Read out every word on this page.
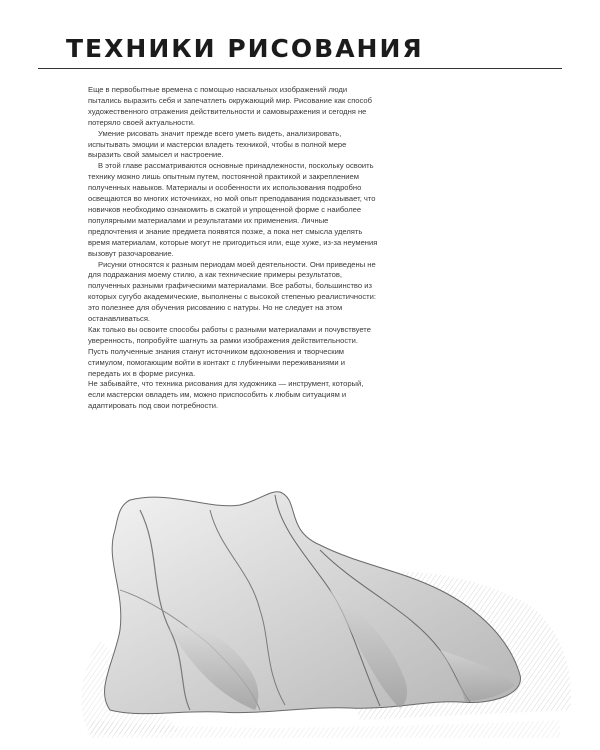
ТЕХНИКИ РИСОВАНИЯ

Еще в первобытные времена с помощью наскальных изображений люди пытались выразить себя и запечатлеть окружающий мир. Рисование как способ художественного отражения действительности и самовыражения и сегодня не потеряло своей актуальности.

Умение рисовать значит прежде всего уметь видеть, анализировать, испытывать эмоции и мастерски владеть техникой, чтобы в полной мере выразить свой замысел и настроение.

В этой главе рассматриваются основные принадлежности, поскольку освоить технику можно лишь опытным путем, постоянной практикой и закреплением полученных навыков. Материалы и особенности их использования подробно освещаются во многих источниках, но мой опыт преподавания подсказывает, что новичков необходимо ознакомить в сжатой и упрощенной форме с наиболее популярными материалами и результатами их применения. Личные предпочтения и знание предмета появятся позже, а пока нет смысла уделять время материалам, которые могут не пригодиться или, еще хуже, из-за неумения вызовут разочарование.

Рисунки относятся к разным периодам моей деятельности. Они приведены не для подражания моему стилю, а как технические примеры результатов, полученных разными графическими материалами. Все работы, большинство из которых сугубо академические, выполнены с высокой степенью реалистичности: это полезнее для обучения рисованию с натуры. Но не следует на этом останавливаться.

Как только вы освоите способы работы с разными материалами и почувствуете уверенность, попробуйте шагнуть за рамки изображения действительности. Пусть полученные знания станут источником вдохновения и творческим стимулом, помогающим войти в контакт с глубинными переживаниями и передать их в форме рисунка.

Не забывайте, что техника рисования для художника — инструмент, который, если мастерски овладеть им, можно приспособить к любым ситуациям и адаптировать под свои потребности.
